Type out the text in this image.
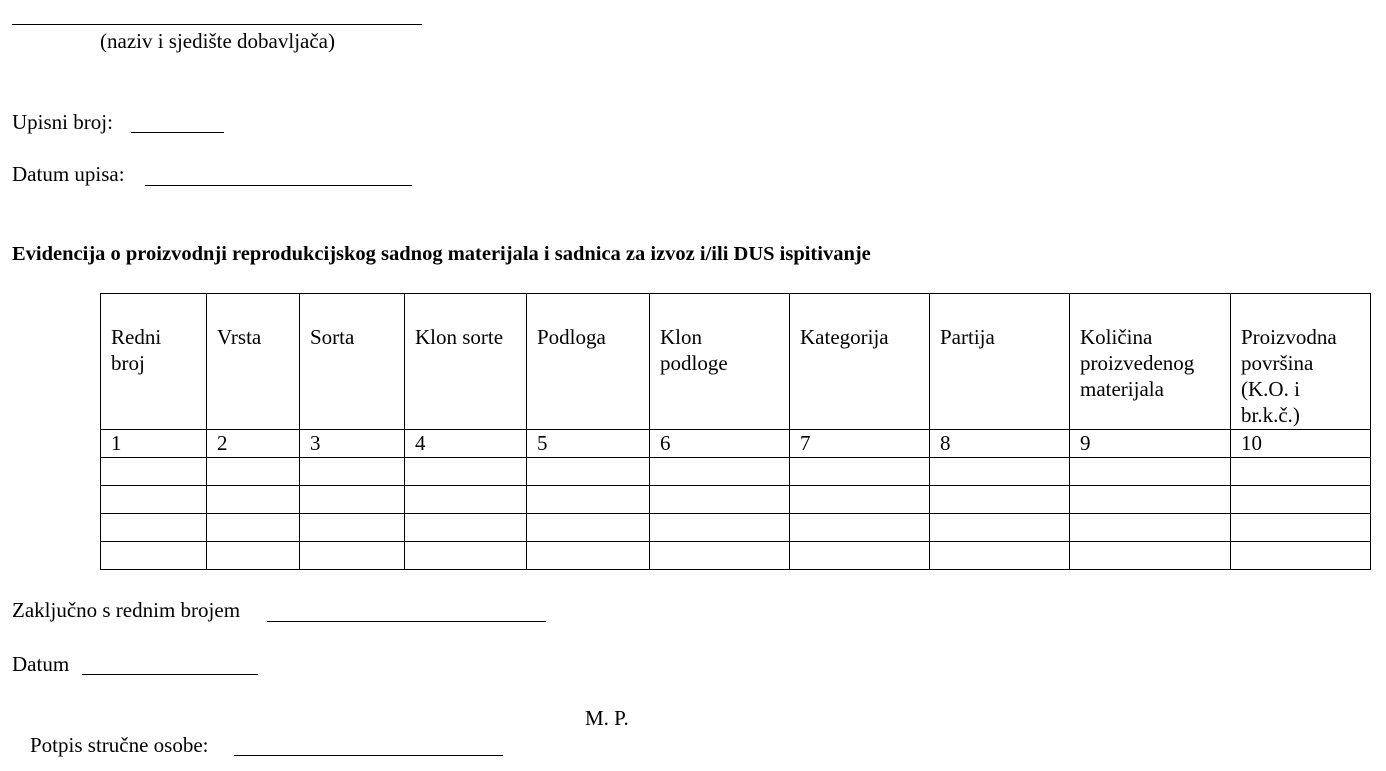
(naziv i sjedište dobavljača)
Upisni broj:
Datum upisa:
Evidencija o proizvodnji reprodukcijskog sadnog materijala i sadnica za izvoz i/ili DUS ispitivanje
Redni broj	Vrsta	Sorta	Klon sorte	Podloga	Klon podloge	Kategorija	Partija	Količina proizvedenog materijala	Proizvodna površina (K.O. i br.k.č.)

1	2	3	4	5	6	7	8	9	10

Zaključno s rednim brojem
Datum
M. P.
Potpis stručne osobe:
